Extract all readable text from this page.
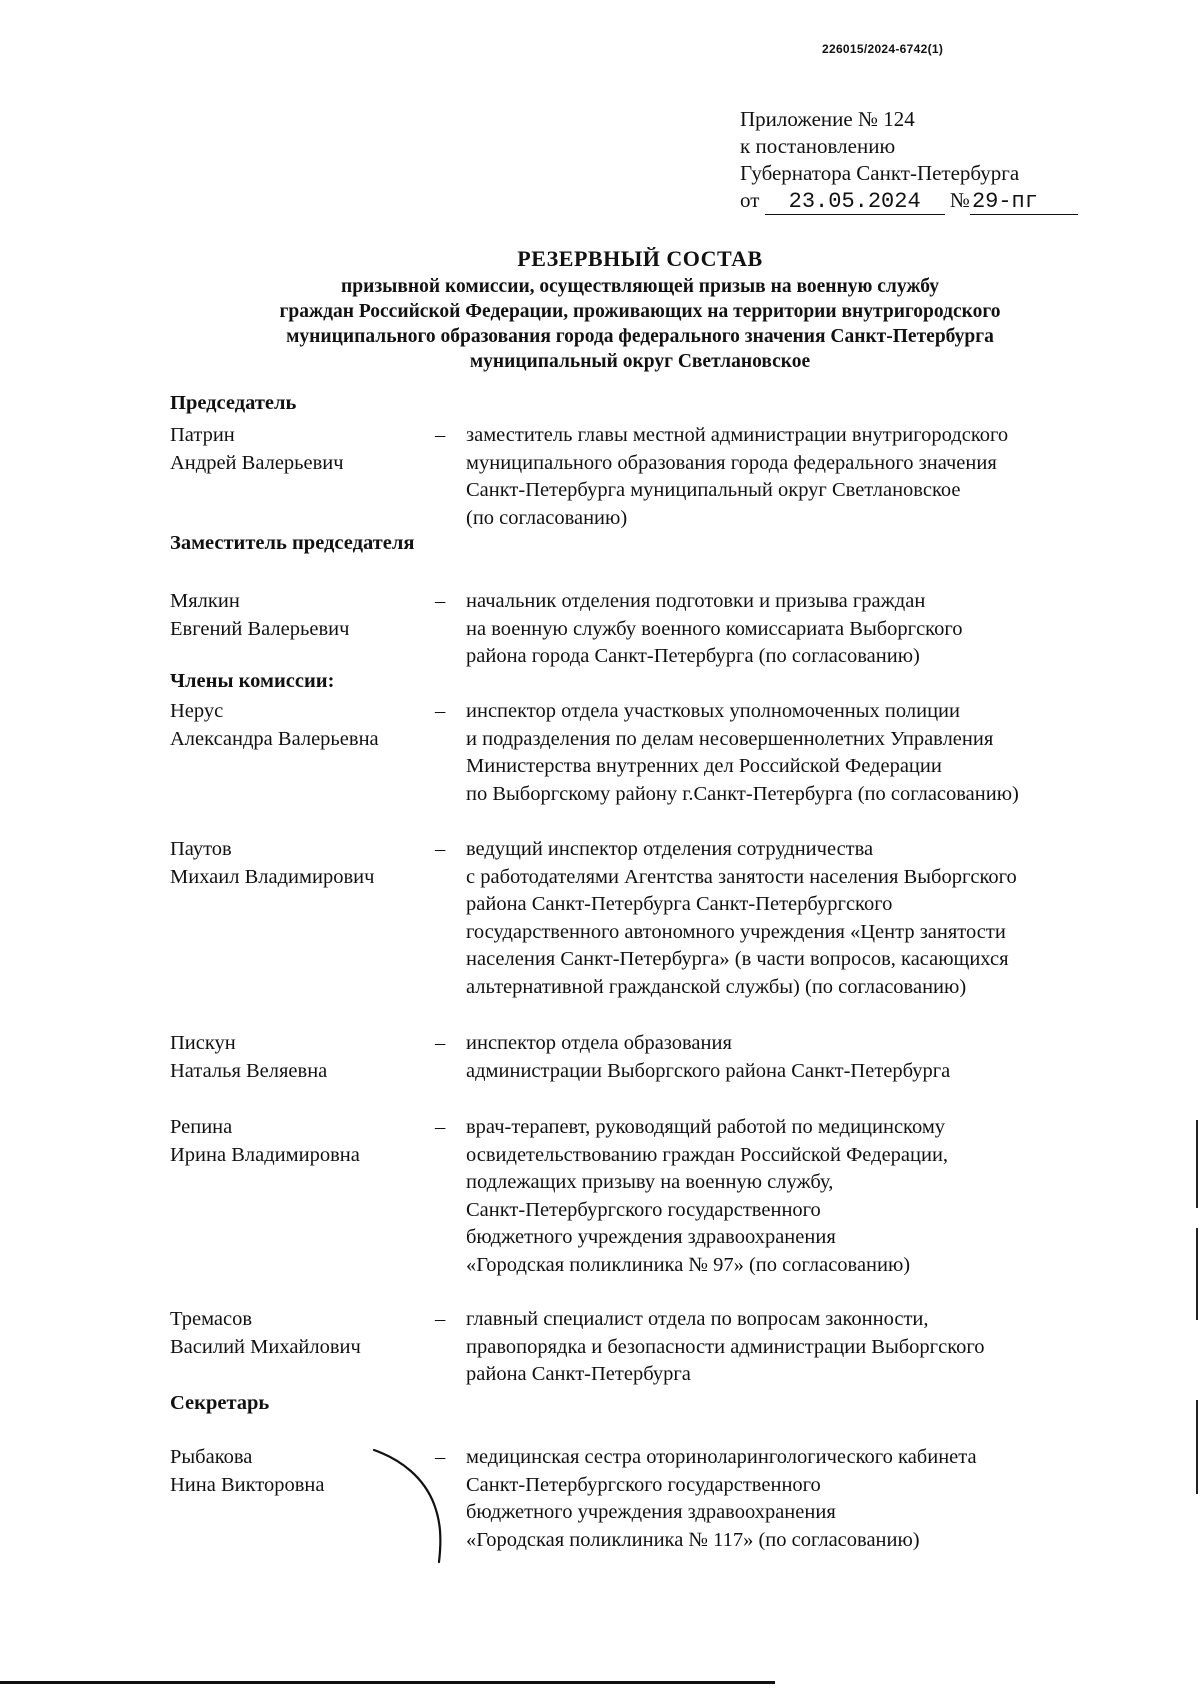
226015/2024-6742(1)
Приложение № 124
к постановлению
Губернатора Санкт-Петербурга
от 23.05.2024 №29-пг
РЕЗЕРВНЫЙ СОСТАВ
призывной комиссии, осуществляющей призыв на военную службу
граждан Российской Федерации, проживающих на территории внутригородского
муниципального образования города федерального значения Санкт-Петербурга
муниципальный округ Светлановское
Председатель
Патрин
Андрей Валерьевич
– заместитель главы местной администрации внутригородского
муниципального образования города федерального значения
Санкт-Петербурга муниципальный округ Светлановское
(по согласованию)
Заместитель председателя
Мялкин
Евгений Валерьевич
– начальник отделения подготовки и призыва граждан
на военную службу военного комиссариата Выборгского
района города Санкт-Петербурга (по согласованию)
Члены комиссии:
Нерус
Александра Валерьевна
– инспектор отдела участковых уполномоченных полиции
и подразделения по делам несовершеннолетних Управления
Министерства внутренних дел Российской Федерации
по Выборгскому району г.Санкт-Петербурга (по согласованию)
Паутов
Михаил Владимирович
– ведущий инспектор отделения сотрудничества
с работодателями Агентства занятости населения Выборгского
района Санкт-Петербурга Санкт-Петербургского
государственного автономного учреждения «Центр занятости
населения Санкт-Петербурга» (в части вопросов, касающихся
альтернативной гражданской службы) (по согласованию)
Пискун
Наталья Веляевна
– инспектор отдела образования
администрации Выборгского района Санкт-Петербурга
Репина
Ирина Владимировна
– врач-терапевт, руководящий работой по медицинскому
освидетельствованию граждан Российской Федерации,
подлежащих призыву на военную службу,
Санкт-Петербургского государственного
бюджетного учреждения здравоохранения
«Городская поликлиника № 97» (по согласованию)
Тремасов
Василий Михайлович
– главный специалист отдела по вопросам законности,
правопорядка и безопасности администрации Выборгского
района Санкт-Петербурга
Секретарь
Рыбакова
Нина Викторовна
– медицинская сестра оториноларингологического кабинета
Санкт-Петербургского государственного
бюджетного учреждения здравоохранения
«Городская поликлиника № 117» (по согласованию)
